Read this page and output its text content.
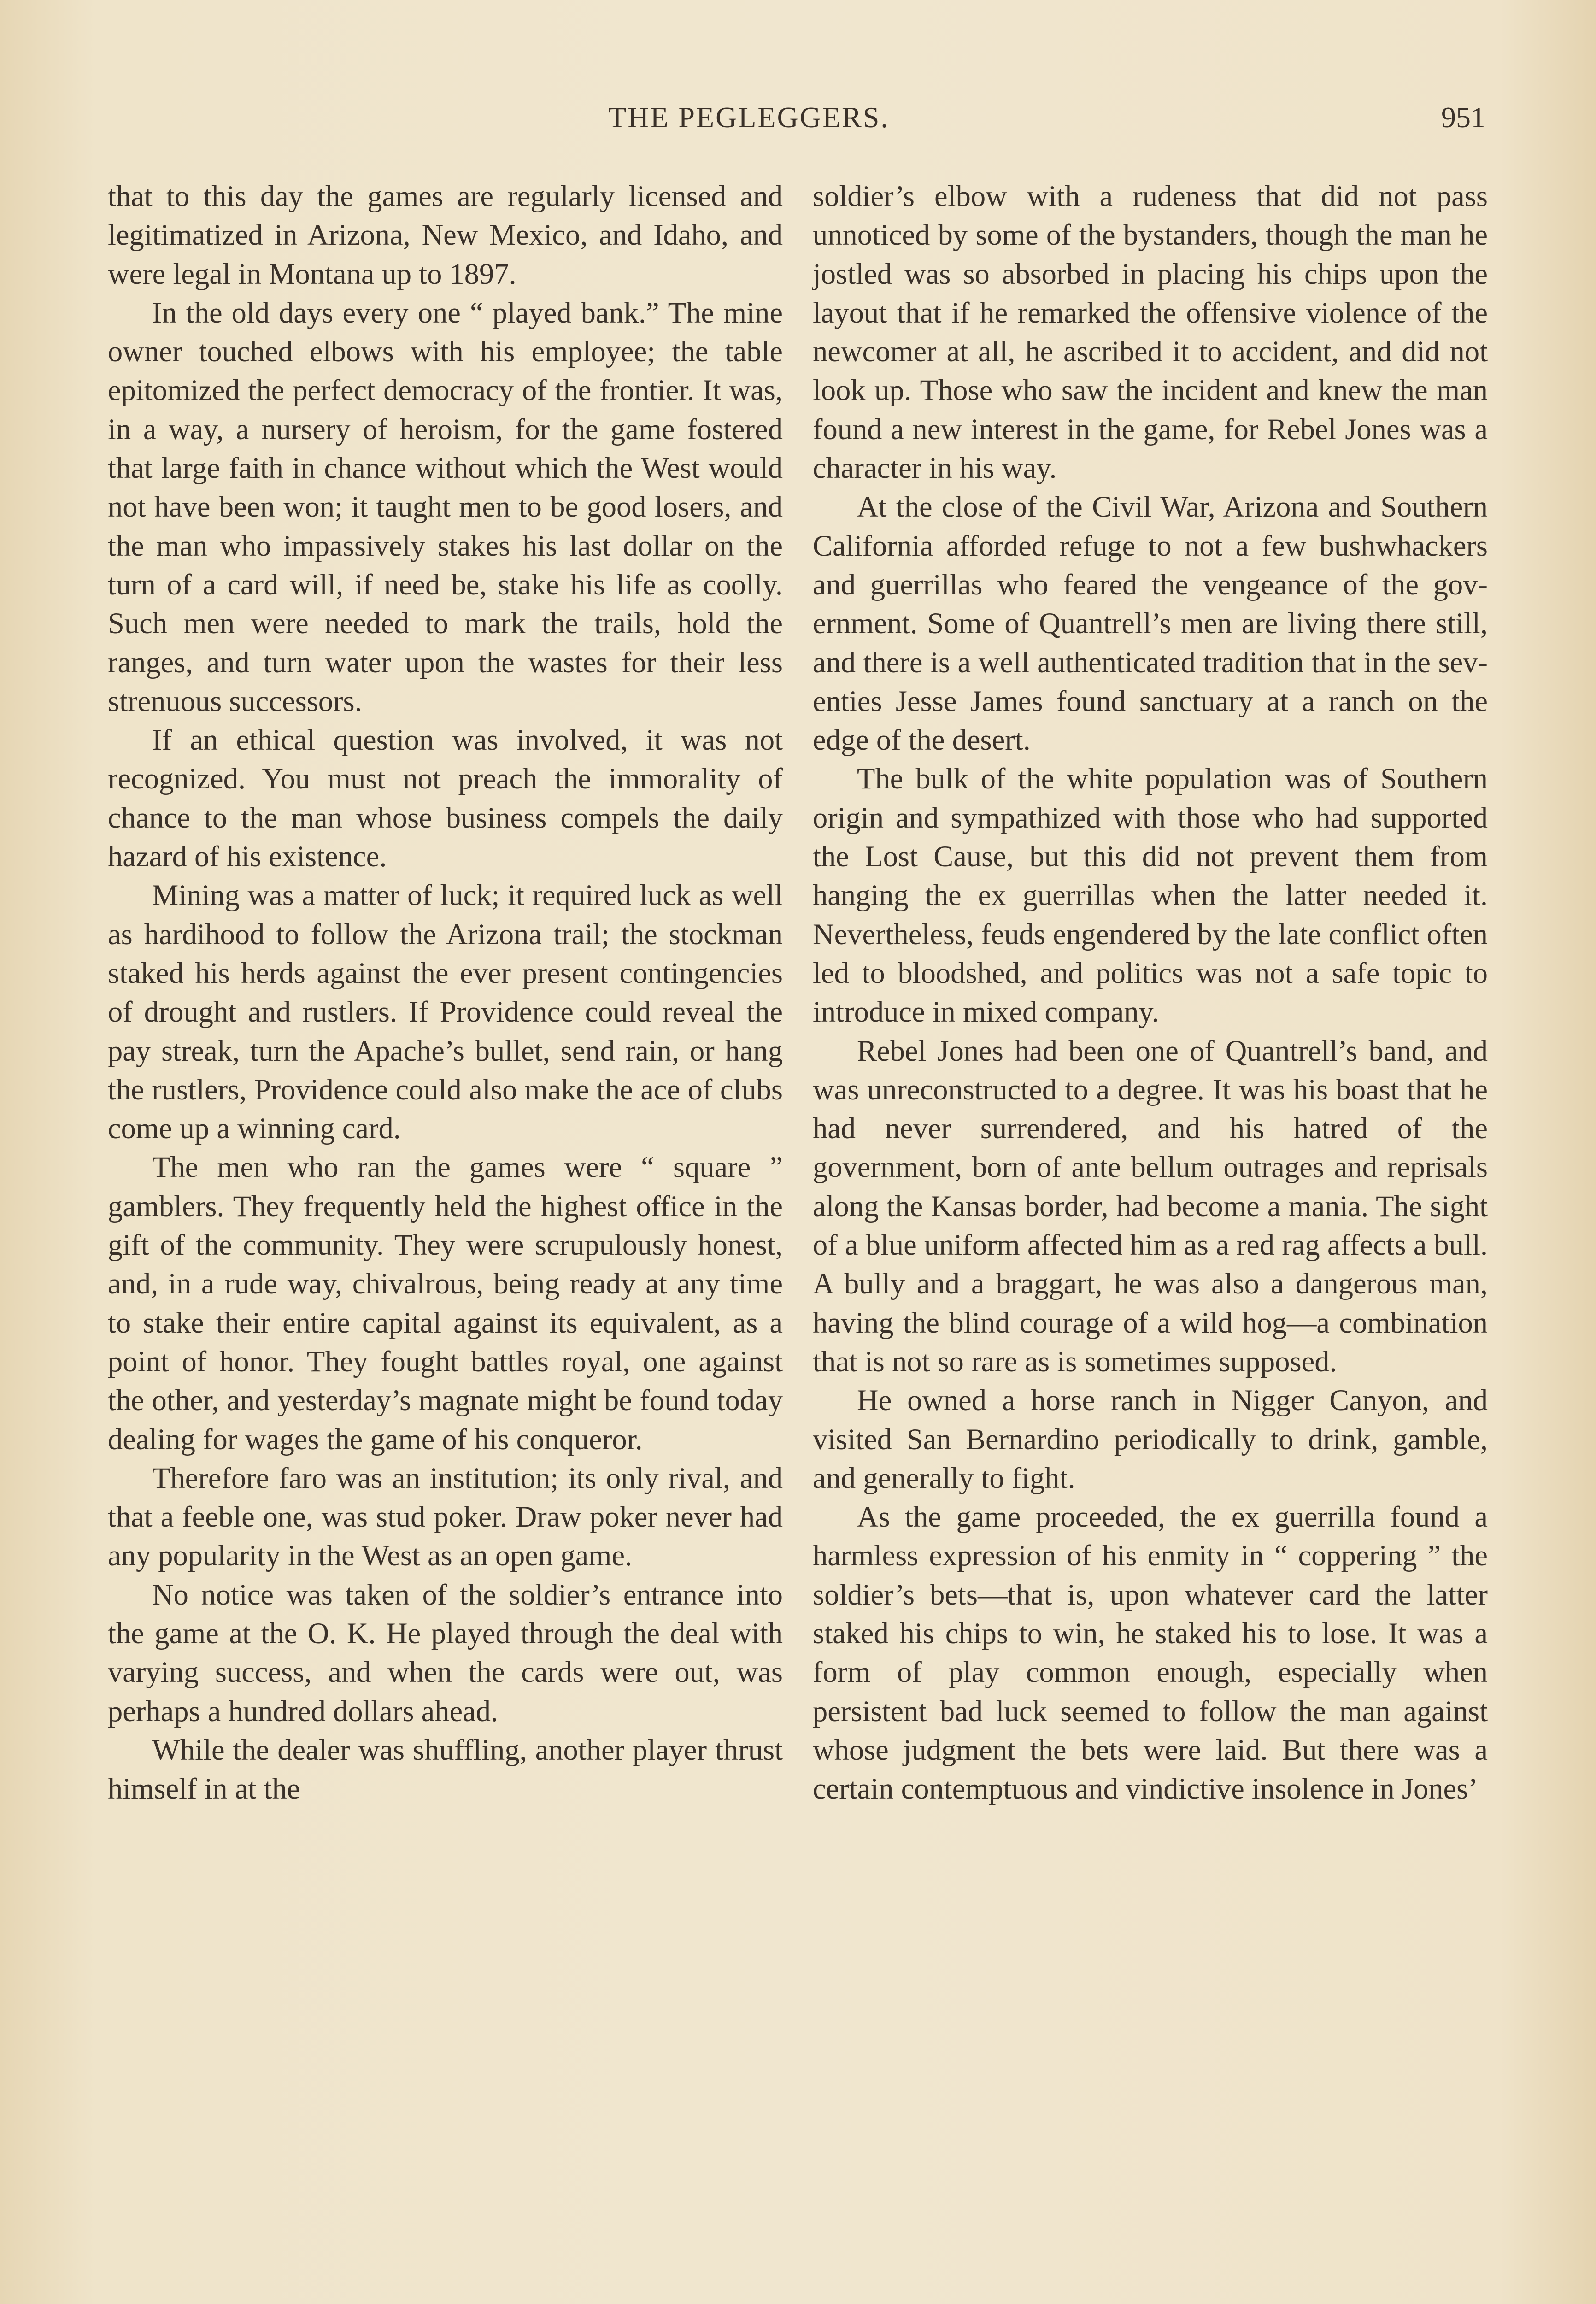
THE PEGLEGGERS.	951

that to this day the games are regularly licensed and legitimatized in Arizona, New Mexico, and Idaho, and were legal in Montana up to 1897.

In the old days every one “ played bank.” The mine owner touched elbows with his employee; the table epitomized the perfect democracy of the frontier. It was, in a way, a nursery of heroism, for the game fostered that large faith in chance without which the West would not have been won; it taught men to be good losers, and the man who impassively stakes his last dollar on the turn of a card will, if need be, stake his life as coolly. Such men were needed to mark the trails, hold the ranges, and turn water upon the wastes for their less strenuous successors.

If an ethical question was involved, it was not recognized. You must not preach the immorality of chance to the man whose business compels the daily hazard of his existence.

Mining was a matter of luck; it required luck as well as hardihood to follow the Arizona trail; the stockman staked his herds against the ever present contingencies of drought and rustlers. If Providence could reveal the pay streak, turn the Apache’s bullet, send rain, or hang the rustlers, Providence could also make the ace of clubs come up a winning card.

The men who ran the games were “ square ” gamblers. They frequently held the highest office in the gift of the community. They were scrupulously honest, and, in a rude way, chivalrous, being ready at any time to stake their entire capital against its equivalent, as a point of honor. They fought battles royal, one against the other, and yesterday’s magnate might be found today dealing for wages the game of his conqueror.

Therefore faro was an institution; its only rival, and that a feeble one, was stud poker. Draw poker never had any popularity in the West as an open game.

No notice was taken of the soldier’s entrance into the game at the O. K. He played through the deal with varying success, and when the cards were out, was perhaps a hundred dollars ahead.

While the dealer was shuffling, another player thrust himself in at the

soldier’s elbow with a rudeness that did not pass unnoticed by some of the bystanders, though the man he jostled was so absorbed in placing his chips upon the layout that if he remarked the offensive violence of the newcomer at all, he ascribed it to accident, and did not look up. Those who saw the incident and knew the man found a new interest in the game, for Rebel Jones was a character in his way.

At the close of the Civil War, Arizona and Southern California afforded refuge to not a few bushwhackers and guerrillas who feared the vengeance of the government. Some of Quantrell’s men are living there still, and there is a well authenticated tradition that in the seventies Jesse James found sanctuary at a ranch on the edge of the desert.

The bulk of the white population was of Southern origin and sympathized with those who had supported the Lost Cause, but this did not prevent them from hanging the ex guerrillas when the latter needed it. Nevertheless, feuds engendered by the late conflict often led to bloodshed, and politics was not a safe topic to introduce in mixed company.

Rebel Jones had been one of Quantrell’s band, and was unreconstructed to a degree. It was his boast that he had never surrendered, and his hatred of the government, born of ante bellum outrages and reprisals along the Kansas border, had become a mania. The sight of a blue uniform affected him as a red rag affects a bull. A bully and a braggart, he was also a dangerous man, having the blind courage of a wild hog—a combination that is not so rare as is sometimes supposed.

He owned a horse ranch in Nigger Canyon, and visited San Bernardino periodically to drink, gamble, and generally to fight.

As the game proceeded, the ex guerrilla found a harmless expression of his enmity in “ coppering ” the soldier’s bets—that is, upon whatever card the latter staked his chips to win, he staked his to lose. It was a form of play common enough, especially when persistent bad luck seemed to follow the man against whose judgment the bets were laid. But there was a certain contemptuous and vindictive insolence in Jones’
